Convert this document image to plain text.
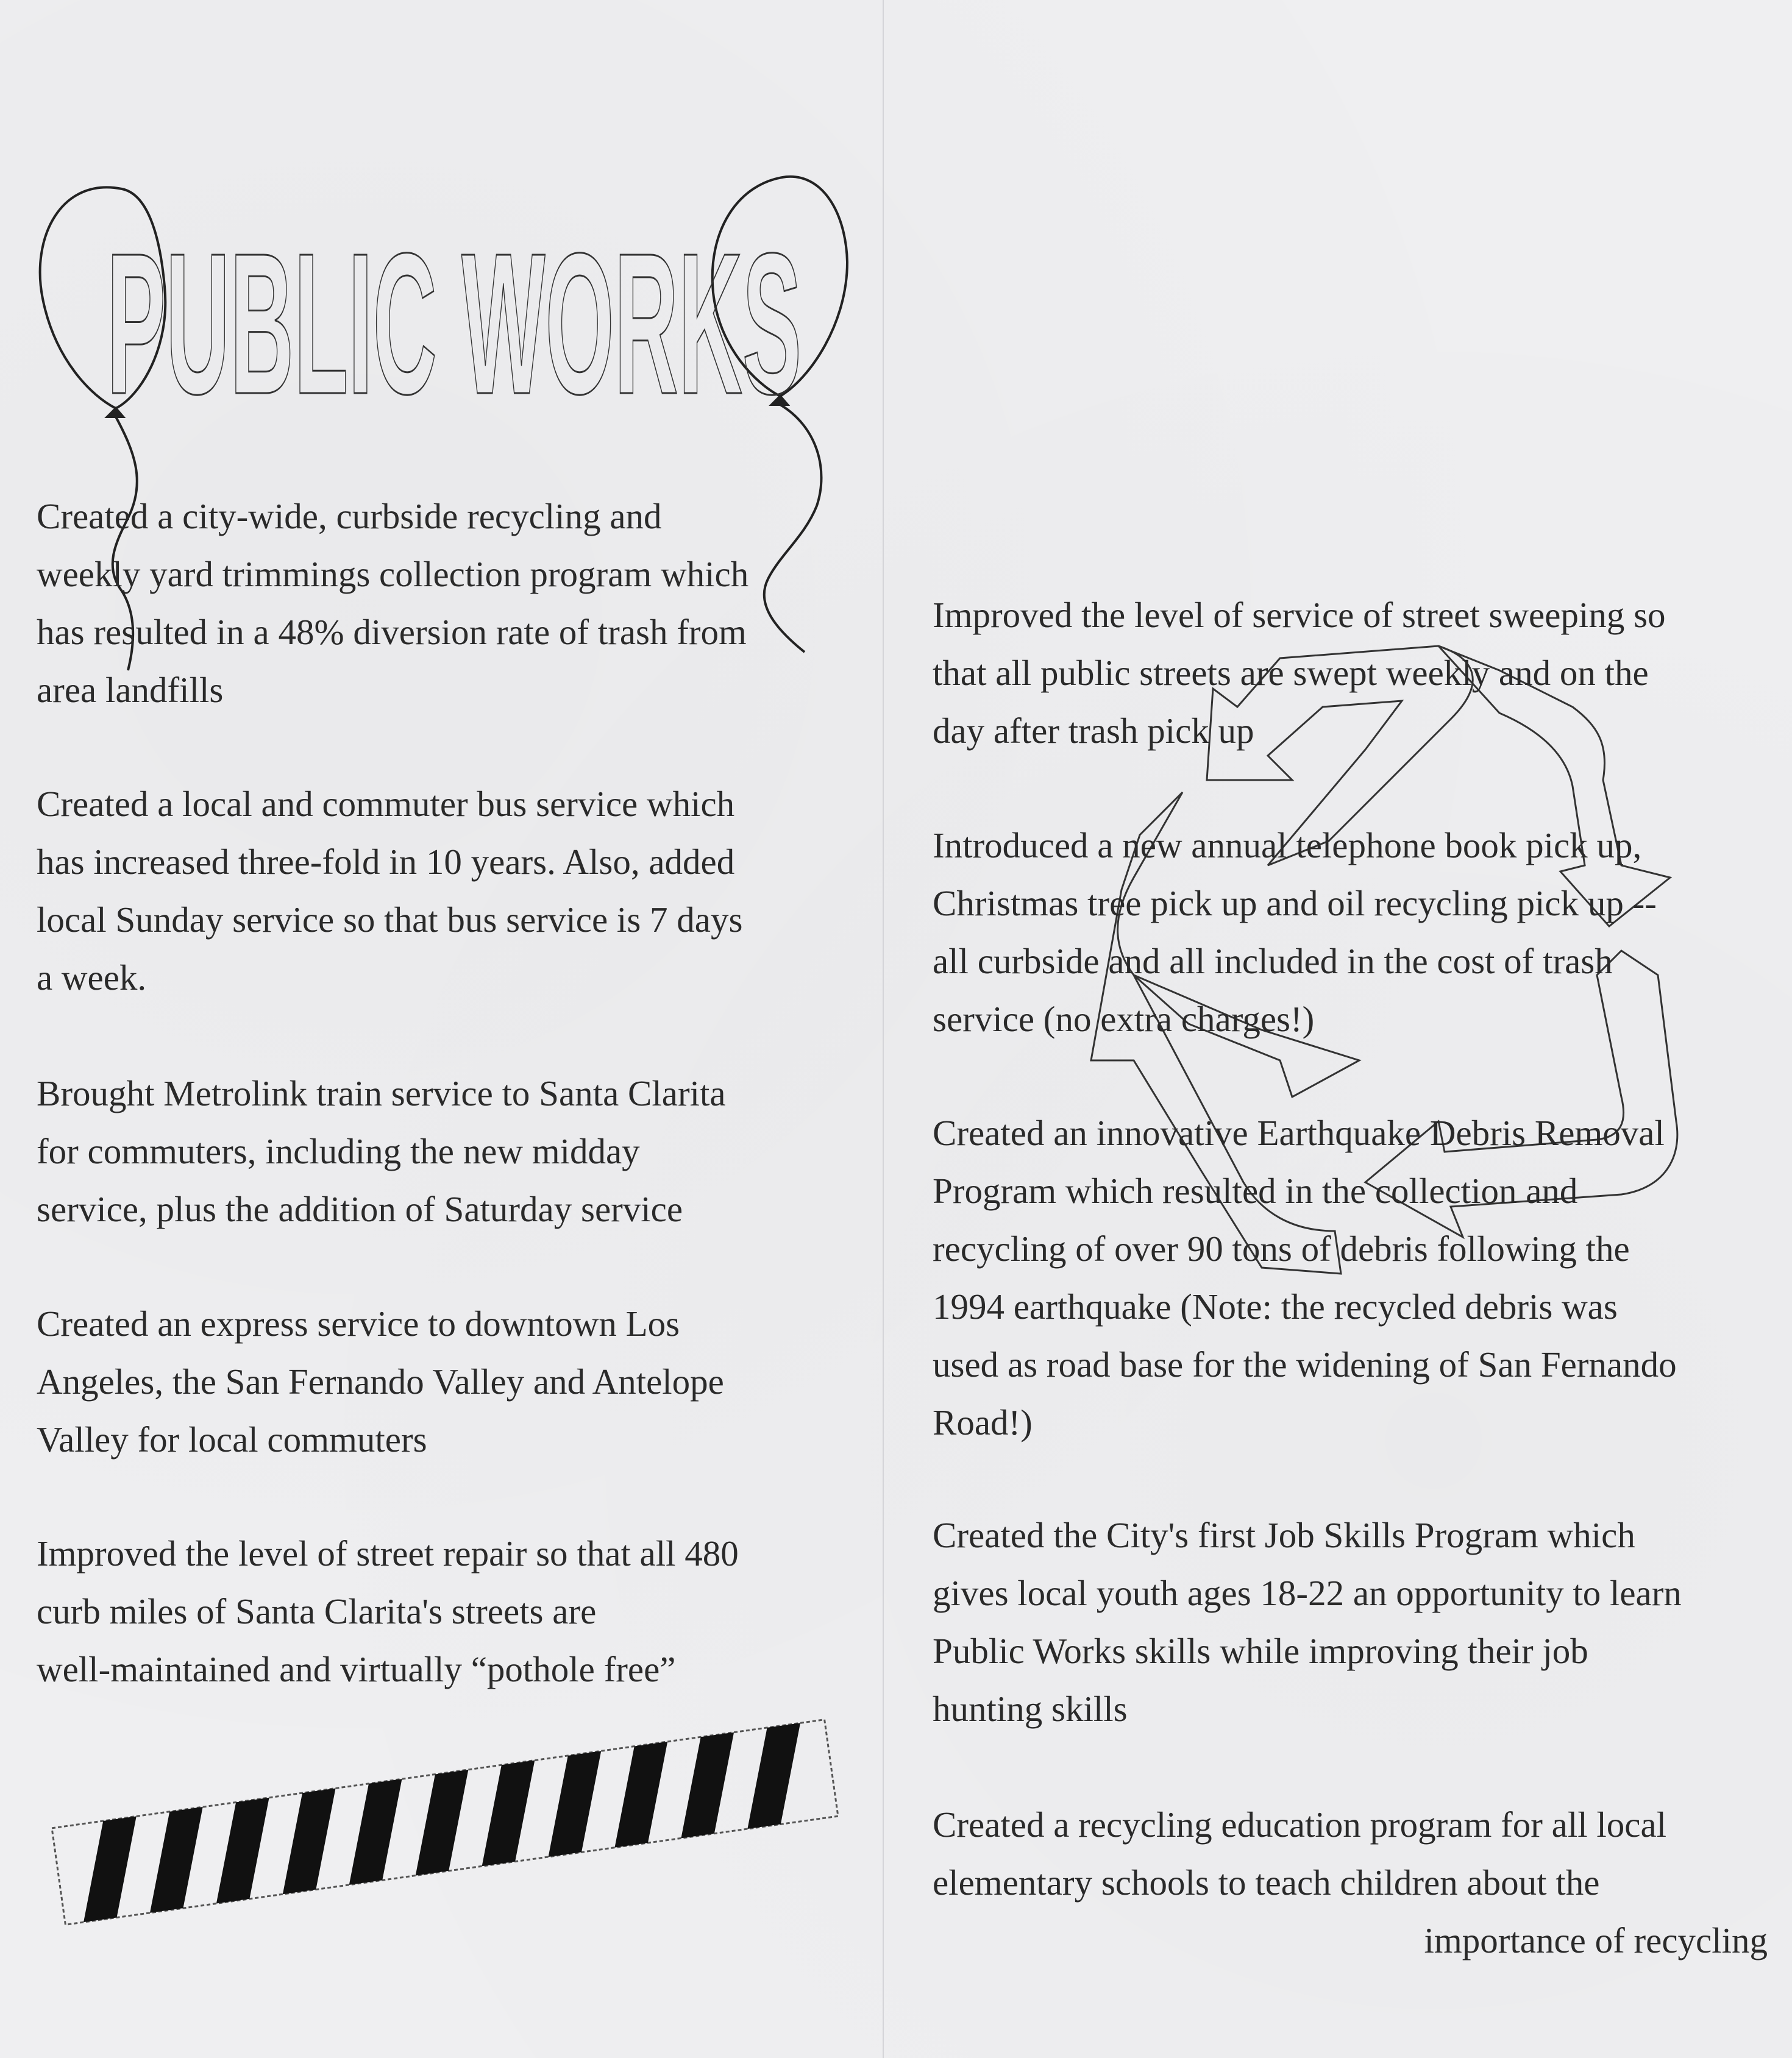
PUBLIC WORKS
Created a city-wide, curbside recycling and
weekly yard trimmings collection program which
has resulted in a 48% diversion rate of trash from
area landfills
Created a local and commuter bus service which
has increased three-fold in 10 years. Also, added
local Sunday service so that bus service is 7 days
a week.
Brought Metrolink train service to Santa Clarita
for commuters, including the new midday
service, plus the addition of Saturday service
Created an express service to downtown Los
Angeles, the San Fernando Valley and Antelope
Valley for local commuters
Improved the level of street repair so that all 480
curb miles of Santa Clarita's streets are
well-maintained and virtually “pothole free”
Improved the level of service of street sweeping so
that all public streets are swept weekly and on the
day after trash pick up
Introduced a new annual telephone book pick up,
Christmas tree pick up and oil recycling pick up --
all curbside and all included in the cost of trash
service (no extra charges!)
Created an innovative Earthquake Debris Removal
Program which resulted in the collection and
recycling of over 90 tons of debris following the
1994 earthquake (Note: the recycled debris was
used as road base for the widening of San Fernando
Road!)
Created the City's first Job Skills Program which
gives local youth ages 18-22 an opportunity to learn
Public Works skills while improving their job
hunting skills
Created a recycling education program for all local
elementary schools to teach children about the
importance of recycling
